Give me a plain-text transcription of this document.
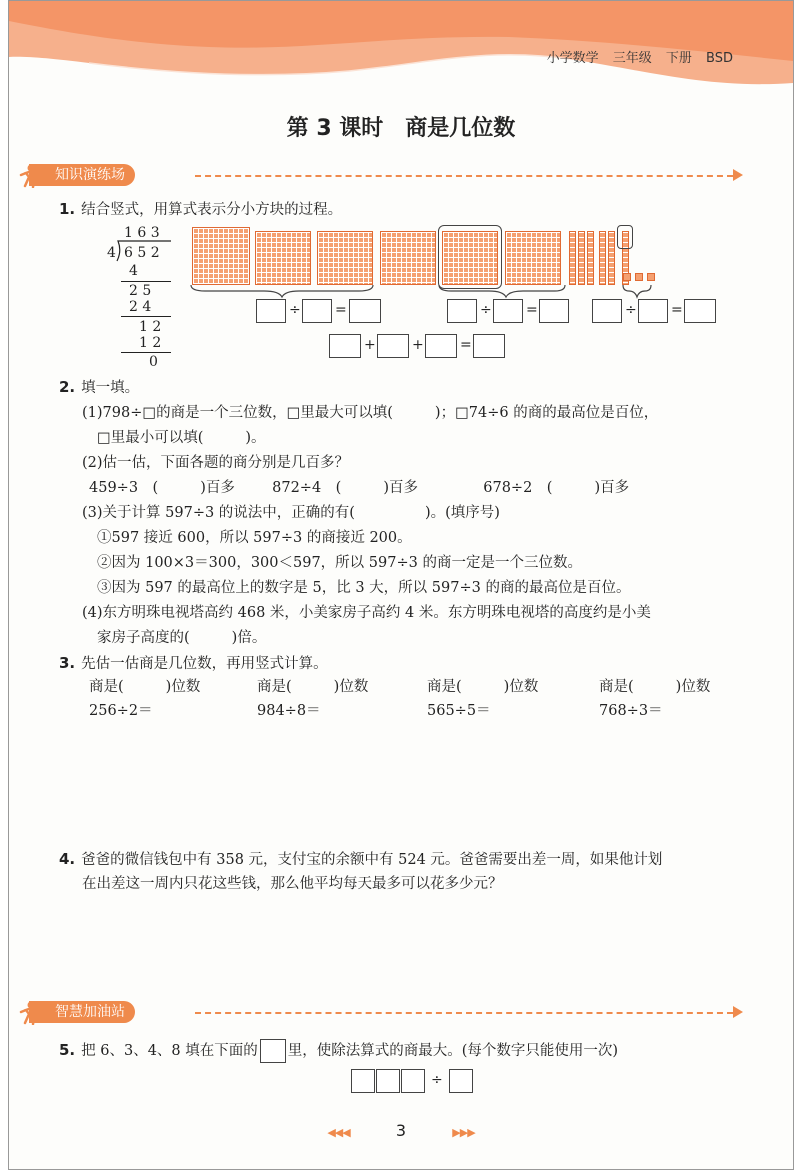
小学数学 三年级 下册 BSD
第 3 课时　商是几位数
知识演练场
1. 结合竖式，用算式表示分小方块的过程。
1 6 3
4 6 5 2
4
2 5
2 4
1 2
1 2
0
÷ =	÷ =	÷ =
+	+	=
2. 填一填。
(1)798÷□的商是一个三位数，□里最大可以填(	)；□74÷6 的商的最高位是百位，
□里最小可以填(	)。
(2)估一估，下面各题的商分别是几百多？
459÷3　(	)百多	872÷4　(	)百多	678÷2　(	)百多
(3)关于计算 597÷3 的说法中，正确的有(	)。(填序号)
①597 接近 600，所以 597÷3 的商接近 200。
②因为 100×3＝300，300＜597，所以 597÷3 的商一定是一个三位数。
③因为 597 的最高位上的数字是 5，比 3 大，所以 597÷3 的商的最高位是百位。
(4)东方明珠电视塔高约 468 米，小美家房子高约 4 米。东方明珠电视塔的高度约是小美
家房子高度的(	)倍。
3. 先估一估商是几位数，再用竖式计算。
商是(	)位数	商是(	)位数	商是(	)位数	商是(	)位数
256÷2＝	984÷8＝	565÷5＝	768÷3＝
4. 爸爸的微信钱包中有 358 元，支付宝的余额中有 524 元。爸爸需要出差一周，如果他计划
在出差这一周内只花这些钱，那么他平均每天最多可以花多少元？
智慧加油站
5. 把 6、3、4、8 填在下面的 里，使除法算式的商最大。(每个数字只能使用一次)
÷
◀◀◀	3	▶▶▶
